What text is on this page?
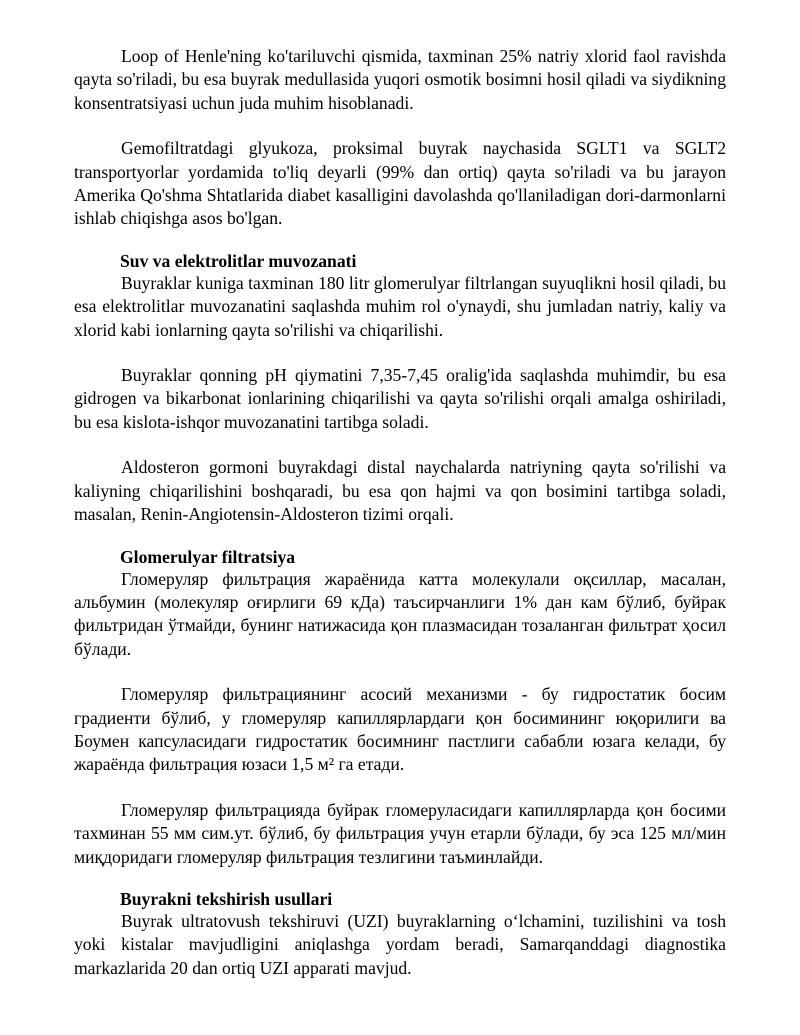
Loop of Henle'ning ko'tariluvchi qismida, taxminan 25% natriy xlorid faol ravishda qayta so'riladi, bu esa buyrak medullasida yuqori osmotik bosimni hosil qiladi va siydikning konsentratsiyasi uchun juda muhim hisoblanadi.

Gemofiltratdagi glyukoza, proksimal buyrak naychasida SGLT1 va SGLT2 transportyorlar yordamida to'liq deyarli (99% dan ortiq) qayta so'riladi va bu jarayon Amerika Qo'shma Shtatlarida diabet kasalligini davolashda qo'llaniladigan dori-darmonlarni ishlab chiqishga asos bo'lgan.

Suv va elektrolitlar muvozanati

Buyraklar kuniga taxminan 180 litr glomerulyar filtrlangan suyuqlikni hosil qiladi, bu esa elektrolitlar muvozanatini saqlashda muhim rol o'ynaydi, shu jumladan natriy, kaliy va xlorid kabi ionlarning qayta so'rilishi va chiqarilishi.

Buyraklar qonning pH qiymatini 7,35-7,45 oralig'ida saqlashda muhimdir, bu esa gidrogen va bikarbonat ionlarining chiqarilishi va qayta so'rilishi orqali amalga oshiriladi, bu esa kislota-ishqor muvozanatini tartibga soladi.

Aldosteron gormoni buyrakdagi distal naychalarda natriyning qayta so'rilishi va kaliyning chiqarilishini boshqaradi, bu esa qon hajmi va qon bosimini tartibga soladi, masalan, Renin-Angiotensin-Aldosteron tizimi orqali.

Glomerulyar filtratsiya

Гломеруляр фильтрация жараёнида катта молекулали оқсиллар, масалан, альбумин (молекуляр оғирлиги 69 кДа) таъсирчанлиги 1% дан кам бўлиб, буйрак фильтридан ўтмайди, бунинг натижасида қон плазмасидан тозаланган фильтрат ҳосил бўлади.

Гломеруляр фильтрациянинг асосий механизми - бу гидростатик босим градиенти бўлиб, у гломеруляр капиллярлардаги қон босимининг юқорилиги ва Боумен капсуласидаги гидростатик босимнинг пастлиги сабабли юзага келади, бу жараёнда фильтрация юзаси 1,5 м² га етади.

Гломеруляр фильтрацияда буйрак гломерулаcидаги капиллярларда қон босими тахминан 55 мм сим.ут. бўлиб, бу фильтрация учун етарли бўлади, бу эса 125 мл/мин миқдоридаги гломеруляр фильтрация тезлигини таъминлайди.

Buyrakni tekshirish usullari

Buyrak ultratovush tekshiruvi (UZI) buyraklarning o‘lchamini, tuzilishini va tosh yoki kistalar mavjudligini aniqlashga yordam beradi, Samarqanddagi diagnostika markazlarida 20 dan ortiq UZI apparati mavjud.
